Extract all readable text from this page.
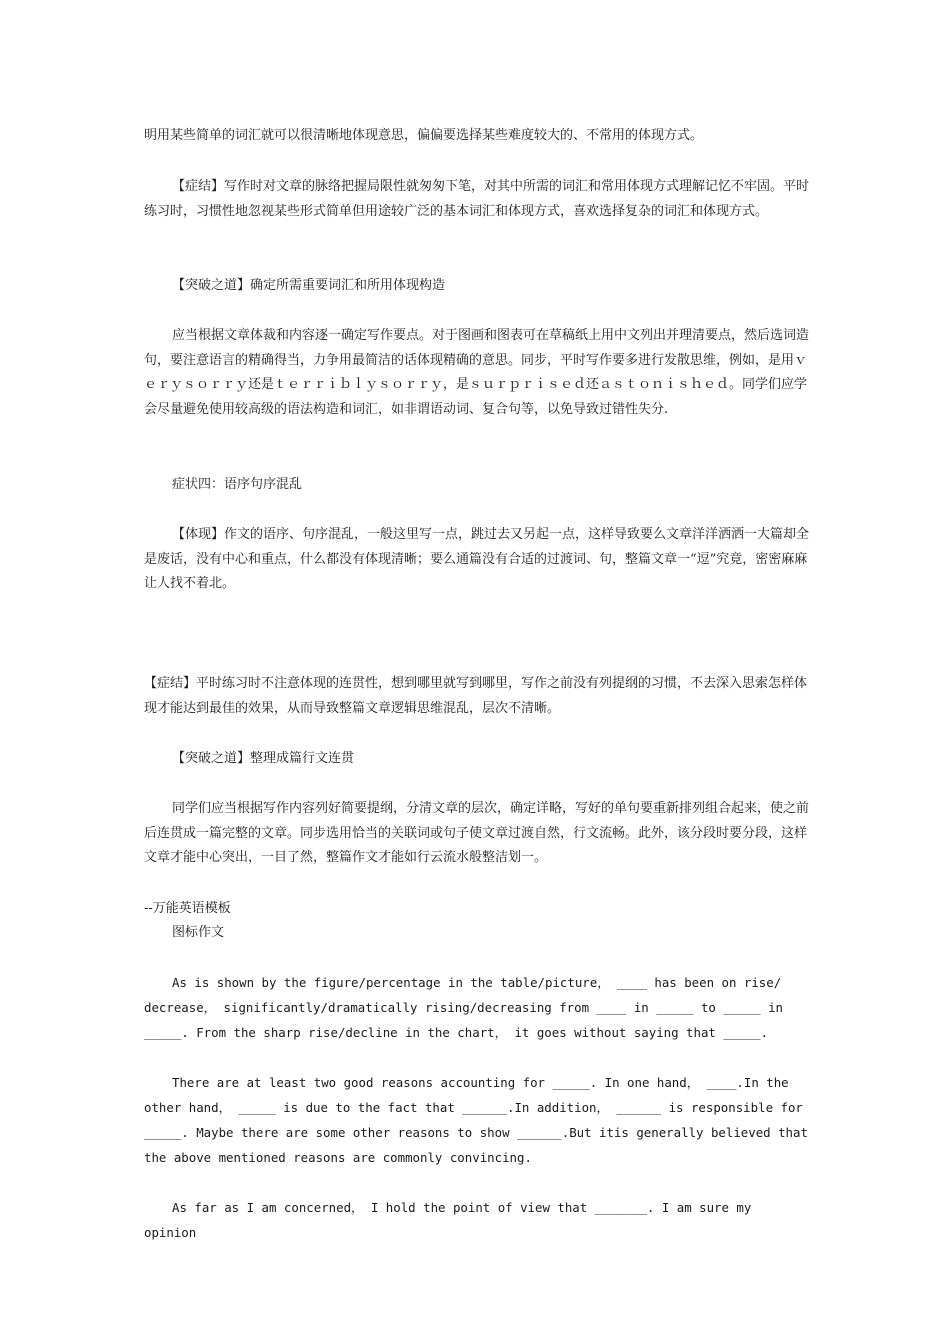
明用某些简单的词汇就可以很清晰地体现意思，偏偏要选择某些难度较大的、不常用的体现方式。

【症结】写作时对文章的脉络把握局限性就匆匆下笔，对其中所需的词汇和常用体现方式理解记忆不牢固。平时练习时，习惯性地忽视某些形式简单但用途较广泛的基本词汇和体现方式，喜欢选择复杂的词汇和体现方式。

【突破之道】确定所需重要词汇和所用体现构造

应当根据文章体裁和内容逐一确定写作要点。对于图画和图表可在草稿纸上用中文列出并理清要点，然后选词造句，要注意语言的精确得当，力争用最简洁的话体现精确的意思。同步，平时写作要多进行发散思维，例如，是用ｖｅｒｙｓｏｒｒｙ还是ｔｅｒｒｉｂｌｙｓｏｒｒｙ，是ｓｕｒｐｒｉｓｅｄ还ａｓｔｏｎｉｓｈｅｄ。同学们应学会尽量避免使用较高级的语法构造和词汇，如非谓语动词、复合句等，以免导致过错性失分.

症状四：语序句序混乱

【体现】作文的语序、句序混乱，一般这里写一点，跳过去又另起一点，这样导致要么文章洋洋洒洒一大篇却全是废话，没有中心和重点，什么都没有体现清晰；要么通篇没有合适的过渡词、句，整篇文章一“逗”究竟，密密麻麻让人找不着北。

【症结】平时练习时不注意体现的连贯性，想到哪里就写到哪里，写作之前没有列提纲的习惯，不去深入思索怎样体现才能达到最佳的效果，从而导致整篇文章逻辑思维混乱，层次不清晰。

【突破之道】整理成篇行文连贯

同学们应当根据写作内容列好简要提纲，分清文章的层次，确定详略，写好的单句要重新排列组合起来，使之前后连贯成一篇完整的文章。同步选用恰当的关联词或句子使文章过渡自然，行文流畅。此外，该分段时要分段，这样文章才能中心突出，一目了然，整篇作文才能如行云流水般整洁划一。

--万能英语模板

图标作文

As is shown by the figure/percentage in the table/picture， ____ has been on rise/ decrease， significantly/dramatically rising/decreasing from ____ in _____ to _____ in _____. From the sharp rise/decline in the chart， it goes without saying that _____.

There are at least two good reasons accounting for _____. In one hand， ____.In the other hand， _____ is due to the fact that ______.In addition， ______ is responsible for _____. Maybe there are some other reasons to show ______.But itis generally believed that the above mentioned reasons are commonly convincing.

As far as I am concerned， I hold the point of view that _______. I am sure my opinion
